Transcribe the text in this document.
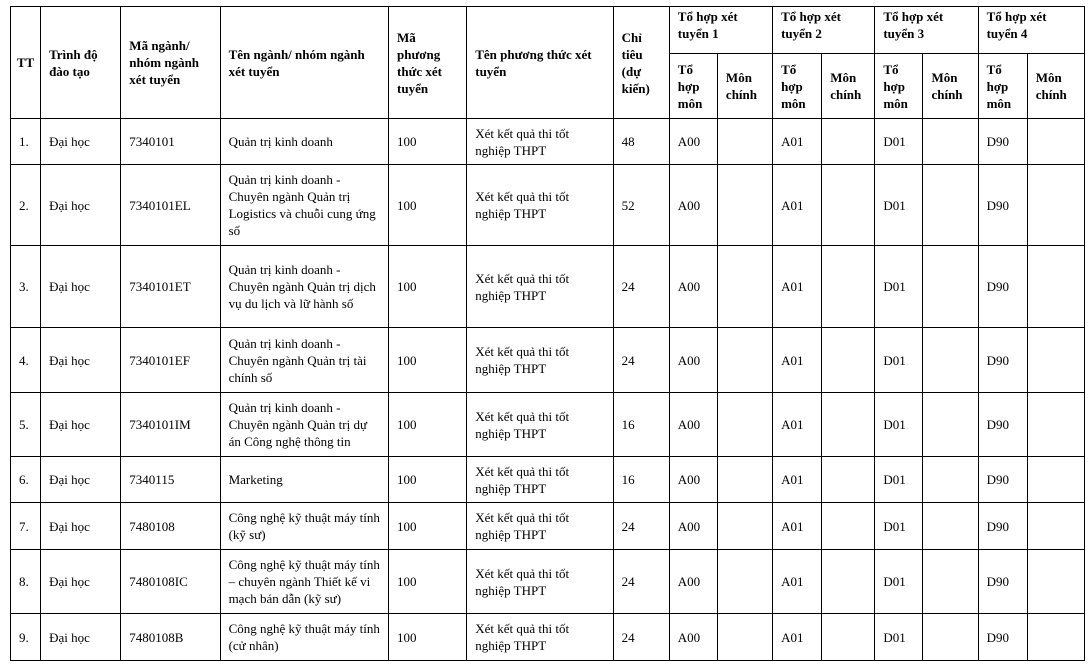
TT	Trình độ đào tạo	Mã ngành/ nhóm ngành xét tuyển	Tên ngành/ nhóm ngành xét tuyển	Mã phương thức xét tuyển	Tên phương thức xét tuyển	Chỉ tiêu (dự kiến)	Tổ hợp xét tuyển 1		Tổ hợp xét tuyển 2		Tổ hợp xét tuyển 3		Tổ hợp xét tuyển 4	
							Tổ hợp môn	Môn chính	Tổ hợp môn	Môn chính	Tổ hợp môn	Môn chính	Tổ hợp môn	Môn chính
1.	Đại học	7340101	Quản trị kinh doanh	100	Xét kết quả thi tốt nghiệp THPT	48	A00		A01		D01		D90	
2.	Đại học	7340101EL	Quản trị kinh doanh - Chuyên ngành Quản trị Logistics và chuỗi cung ứng số	100	Xét kết quả thi tốt nghiệp THPT	52	A00		A01		D01		D90	
3.	Đại học	7340101ET	Quản trị kinh doanh - Chuyên ngành Quản trị dịch vụ du lịch và lữ hành số	100	Xét kết quả thi tốt nghiệp THPT	24	A00		A01		D01		D90	
4.	Đại học	7340101EF	Quản trị kinh doanh - Chuyên ngành Quản trị tài chính số	100	Xét kết quả thi tốt nghiệp THPT	24	A00		A01		D01		D90	
5.	Đại học	7340101IM	Quản trị kinh doanh - Chuyên ngành Quản trị dự án Công nghệ thông tin	100	Xét kết quả thi tốt nghiệp THPT	16	A00		A01		D01		D90	
6.	Đại học	7340115	Marketing	100	Xét kết quả thi tốt nghiệp THPT	16	A00		A01		D01		D90	
7.	Đại học	7480108	Công nghệ kỹ thuật máy tính (kỹ sư)	100	Xét kết quả thi tốt nghiệp THPT	24	A00		A01		D01		D90	
8.	Đại học	7480108IC	Công nghệ kỹ thuật máy tính – chuyên ngành Thiết kế vi mạch bán dẫn (kỹ sư)	100	Xét kết quả thi tốt nghiệp THPT	24	A00		A01		D01		D90	
9.	Đại học	7480108B	Công nghệ kỹ thuật máy tính (cử nhân)	100	Xét kết quả thi tốt nghiệp THPT	24	A00		A01		D01		D90	
